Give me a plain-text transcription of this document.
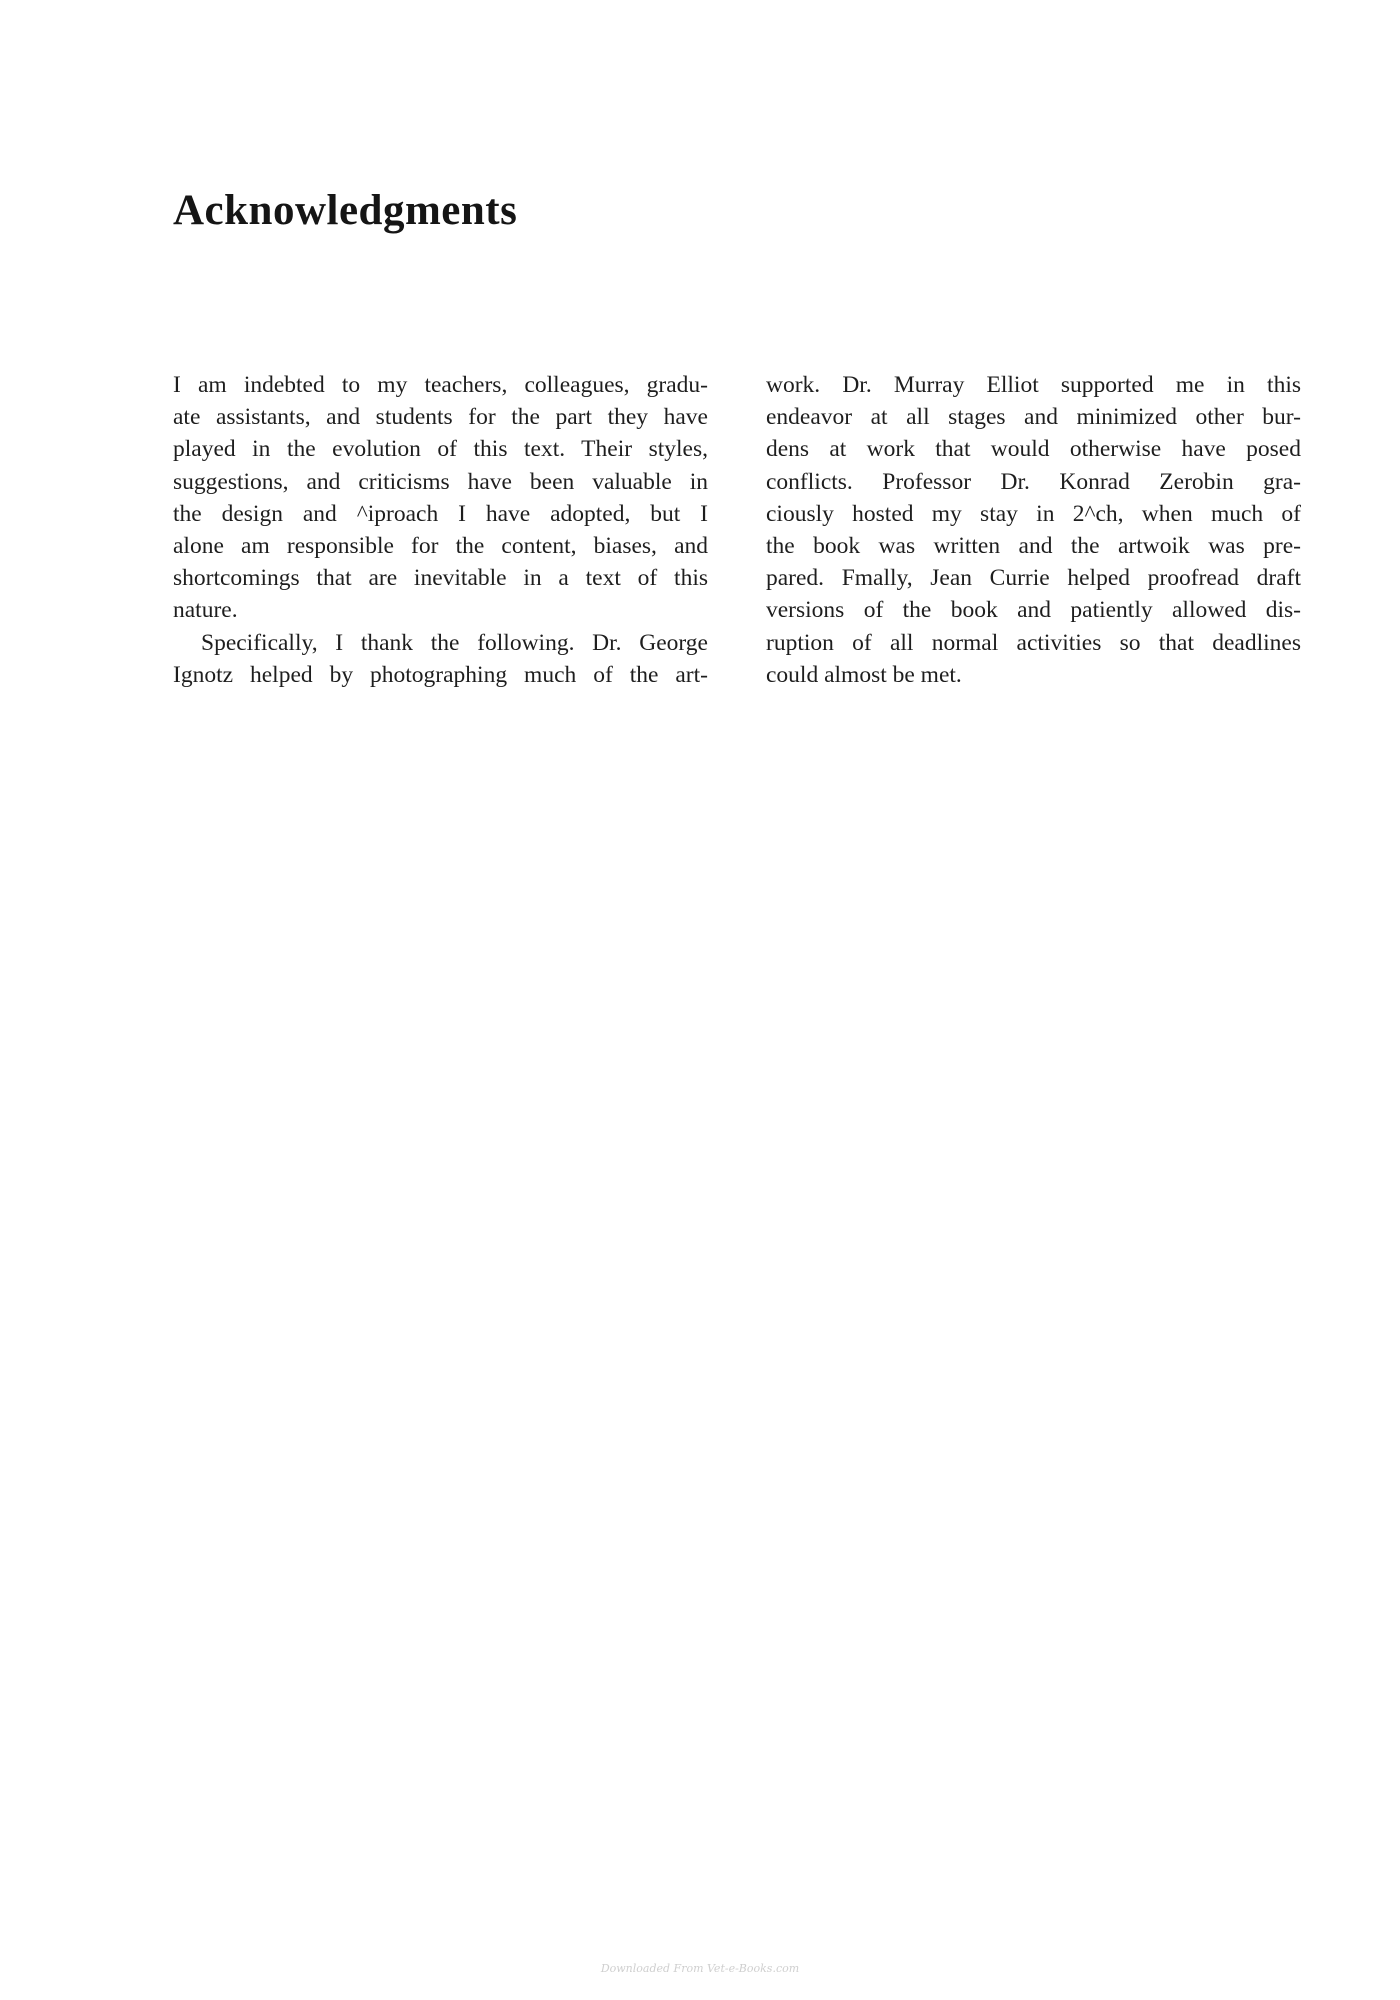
Acknowledgments
I am indebted to my teachers, colleagues, gradu-
ate assistants, and students for the part they have
played in the evolution of this text. Their styles,
suggestions, and criticisms have been valuable in
the design and ^iproach I have adopted, but I
alone am responsible for the content, biases, and
shortcomings that are inevitable in a text of this
nature.
Specifically, I thank the following. Dr. George
Ignotz helped by photographing much of the art-
work. Dr. Murray Elliot supported me in this
endeavor at all stages and minimized other bur-
dens at work that would otherwise have posed
conflicts. Professor Dr. Konrad Zerobin gra-
ciously hosted my stay in 2^ch, when much of
the book was written and the artwoik was pre-
pared. Fmally, Jean Currie helped proofread draft
versions of the book and patiently allowed dis-
ruption of all normal activities so that deadlines
could almost be met.
Downloaded From Vet-e-Books.com
